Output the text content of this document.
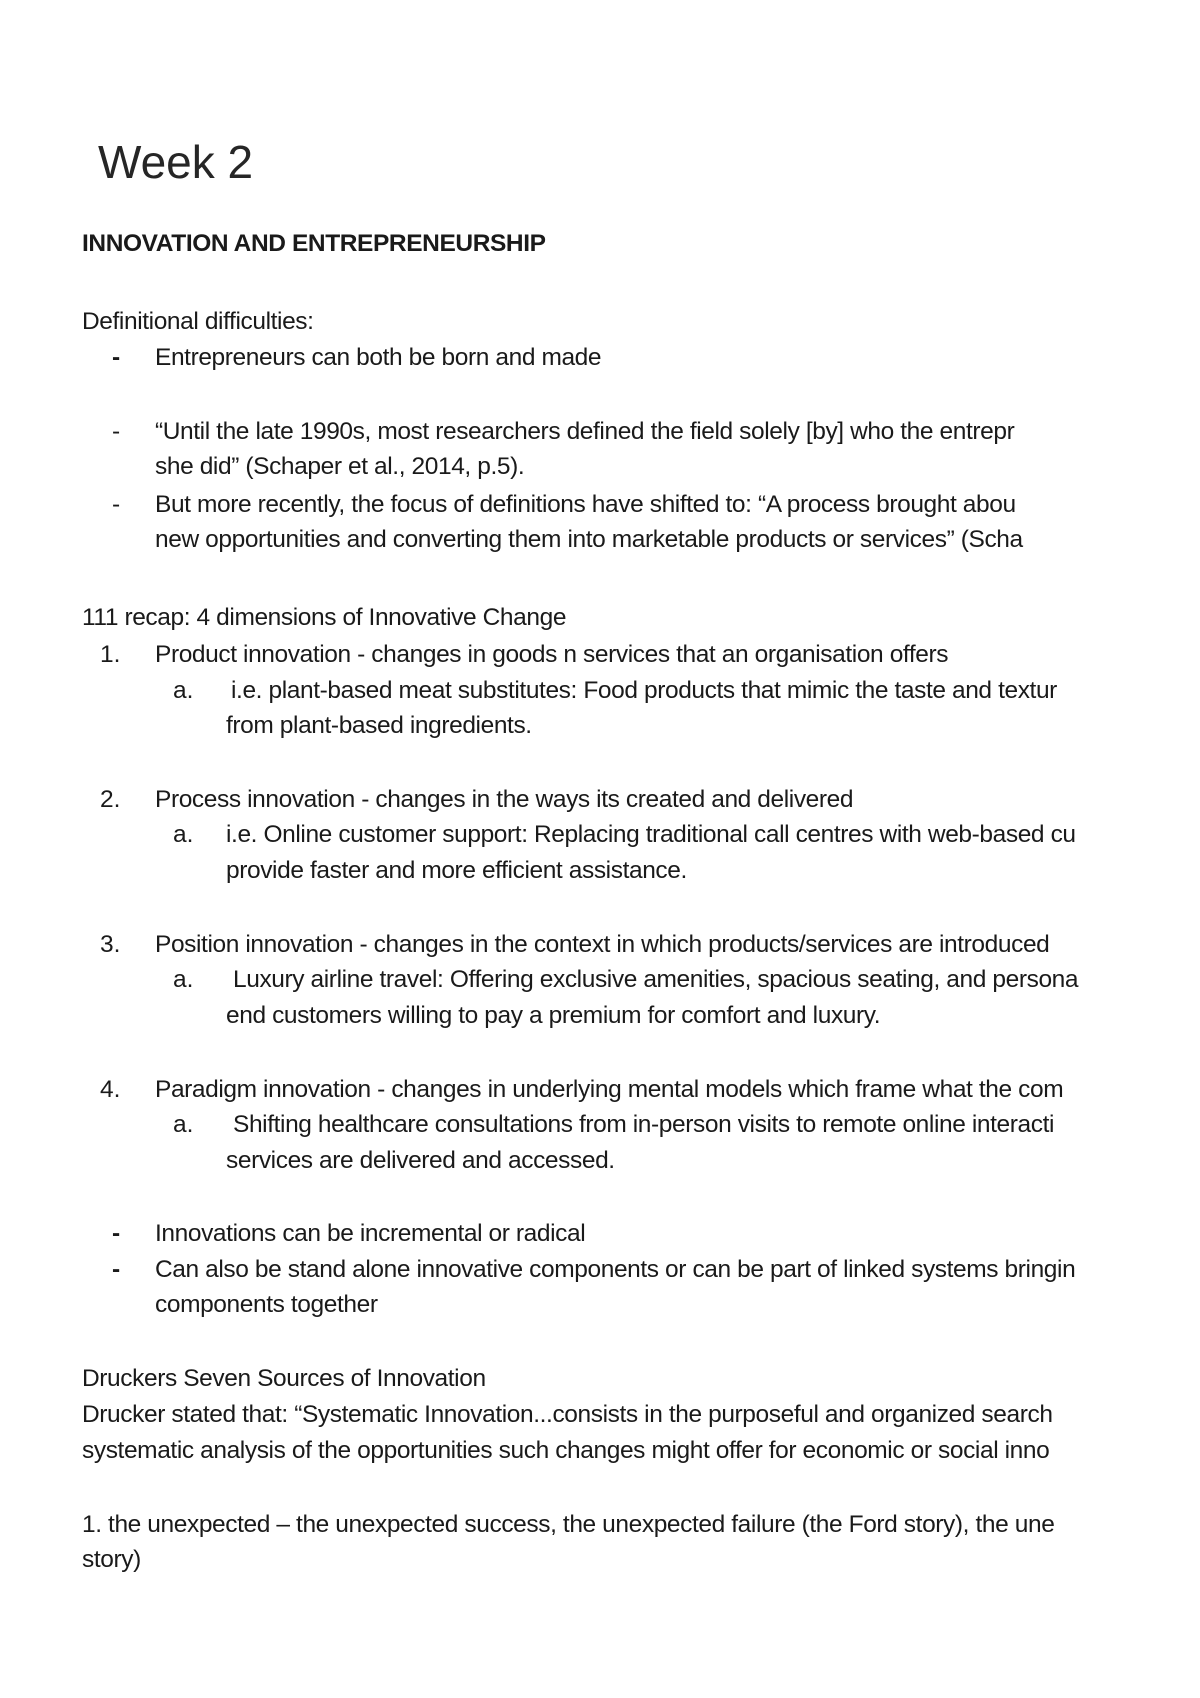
Week 2
INNOVATION AND ENTREPRENEURSHIP
Definitional difficulties:
- Entrepreneurs can both be born and made
- “Until the late 1990s, most researchers defined the field solely [by] who the entrepr
she did” (Schaper et al., 2014, p.5).
- But more recently, the focus of definitions have shifted to: “A process brought abou
new opportunities and converting them into marketable products or services” (Scha
111 recap: 4 dimensions of Innovative Change
1. Product innovation - changes in goods n services that an organisation offers
a. i.e. plant-based meat substitutes: Food products that mimic the taste and textur
from plant-based ingredients.
2. Process innovation - changes in the ways its created and delivered
a. i.e. Online customer support: Replacing traditional call centres with web-based cu
provide faster and more efficient assistance.
3. Position innovation - changes in the context in which products/services are introduced
a. Luxury airline travel: Offering exclusive amenities, spacious seating, and persona
end customers willing to pay a premium for comfort and luxury.
4. Paradigm innovation - changes in underlying mental models which frame what the com
a. Shifting healthcare consultations from in-person visits to remote online interacti
services are delivered and accessed.
- Innovations can be incremental or radical
- Can also be stand alone innovative components or can be part of linked systems bringin
components together
Druckers Seven Sources of Innovation
Drucker stated that: “Systematic Innovation...consists in the purposeful and organized search
systematic analysis of the opportunities such changes might offer for economic or social inno
1. the unexpected – the unexpected success, the unexpected failure (the Ford story), the une
story)
